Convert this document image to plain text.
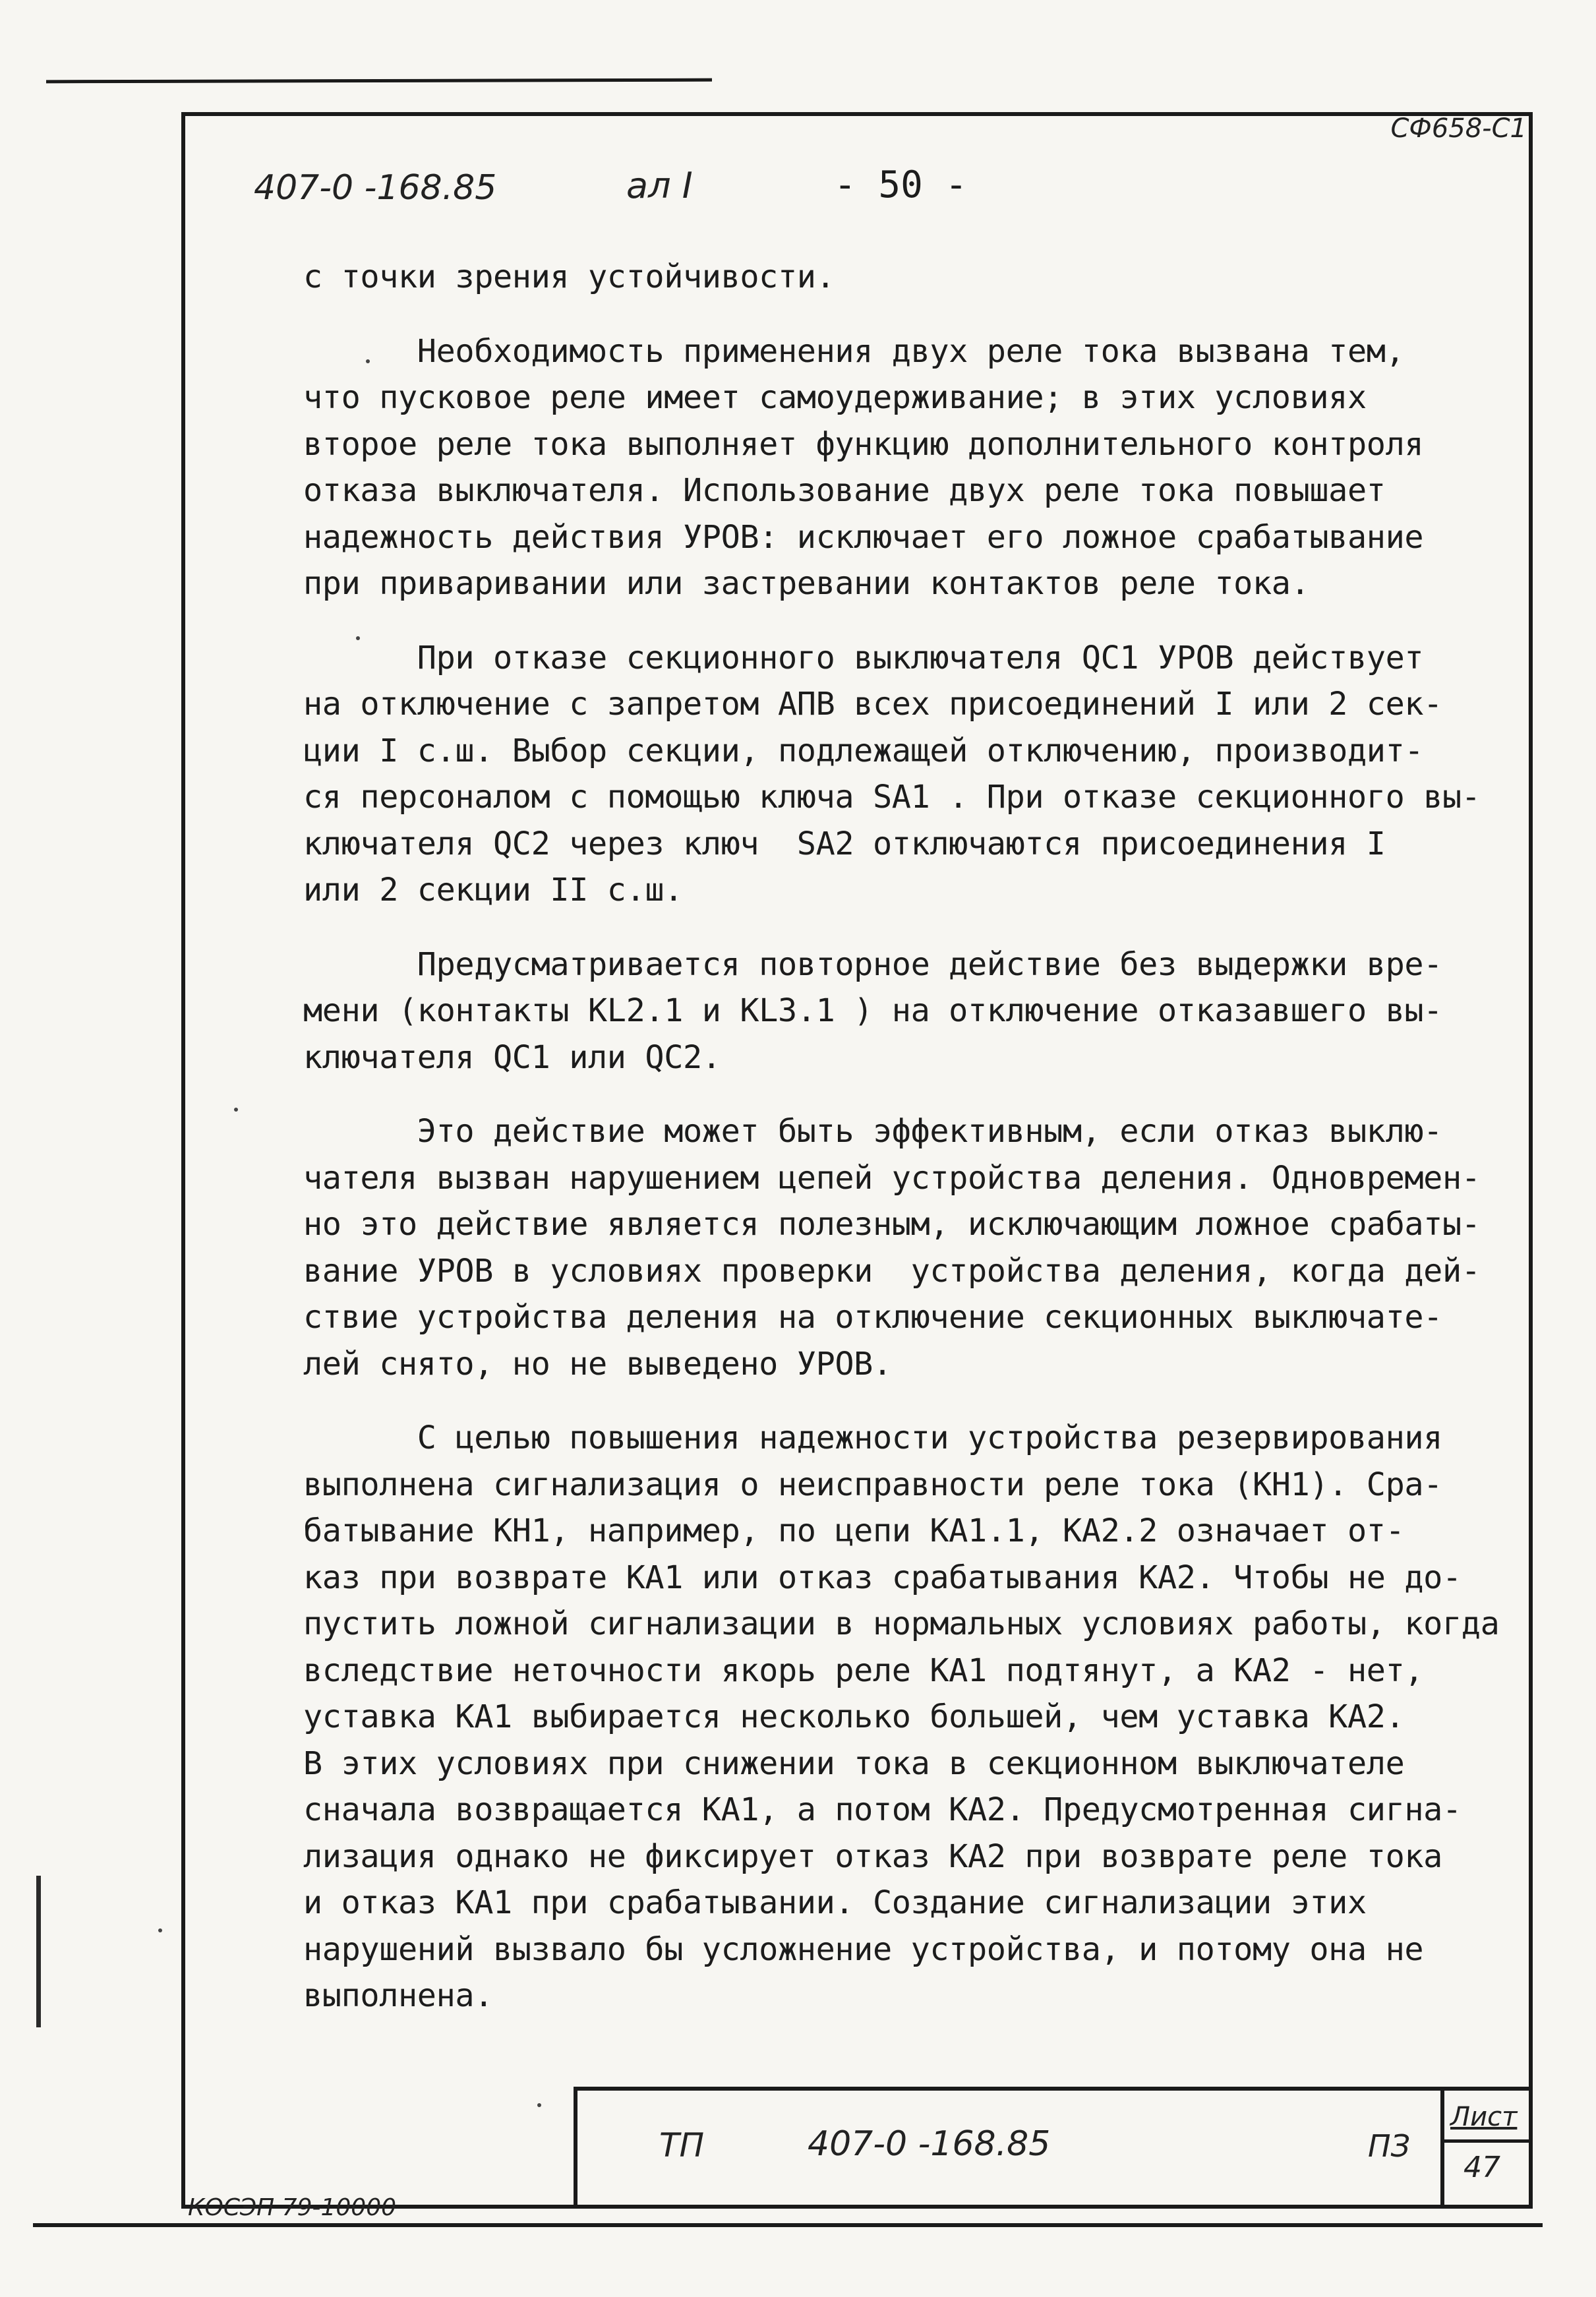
СФ658-С1
407-0 -168.85	ал I	- 50 -
с точки зрения устойчивости.
Необходимость применения двух реле тока вызвана тем,
что пусковое реле имеет самоудерживание; в этих условиях
второе реле тока выполняет функцию дополнительного контроля
отказа выключателя. Использование двух реле тока повышает
надежность действия УРОВ: исключает его ложное срабатывание
при приваривании или застревании контактов реле тока.
При отказе секционного выключателя QC1 УРОВ действует
на отключение с запретом АПВ всех присоединений I или 2 сек-
ции I с.ш. Выбор секции, подлежащей отключению, производит-
ся персоналом с помощью ключа SA1 . При отказе секционного вы-
ключателя QC2 через ключ  SA2 отключаются присоединения I
или 2 секции II с.ш.
Предусматривается повторное действие без выдержки вре-
мени (контакты KL2.1 и KL3.1 ) на отключение отказавшего вы-
ключателя QC1 или QC2.
Это действие может быть эффективным, если отказ выклю-
чателя вызван нарушением цепей устройства деления. Одновремен-
но это действие является полезным, исключающим ложное срабаты-
вание УРОВ в условиях проверки  устройства деления, когда дей-
ствие устройства деления на отключение секционных выключате-
лей снято, но не выведено УРОВ.
С целью повышения надежности устройства резервирования
выполнена сигнализация о неисправности реле тока (КН1). Сра-
батывание КН1, например, по цепи КА1.1, КА2.2 означает от-
каз при возврате КА1 или отказ срабатывания КА2. Чтобы не до-
пустить ложной сигнализации в нормальных условиях работы, когда
вследствие неточности якорь реле КА1 подтянут, а КА2 - нет,
уставка КА1 выбирается несколько большей, чем уставка КА2.
В этих условиях при снижении тока в секционном выключателе
сначала возвращается КА1, а потом КА2. Предусмотренная сигна-
лизация однако не фиксирует отказ КА2 при возврате реле тока
и отказ КА1 при срабатывании. Создание сигнализации этих
нарушений вызвало бы усложнение устройства, и потому она не
выполнена.
ТП	407-0 -168.85	ПЗ
Лист
47
КОСЭП 79-10000
